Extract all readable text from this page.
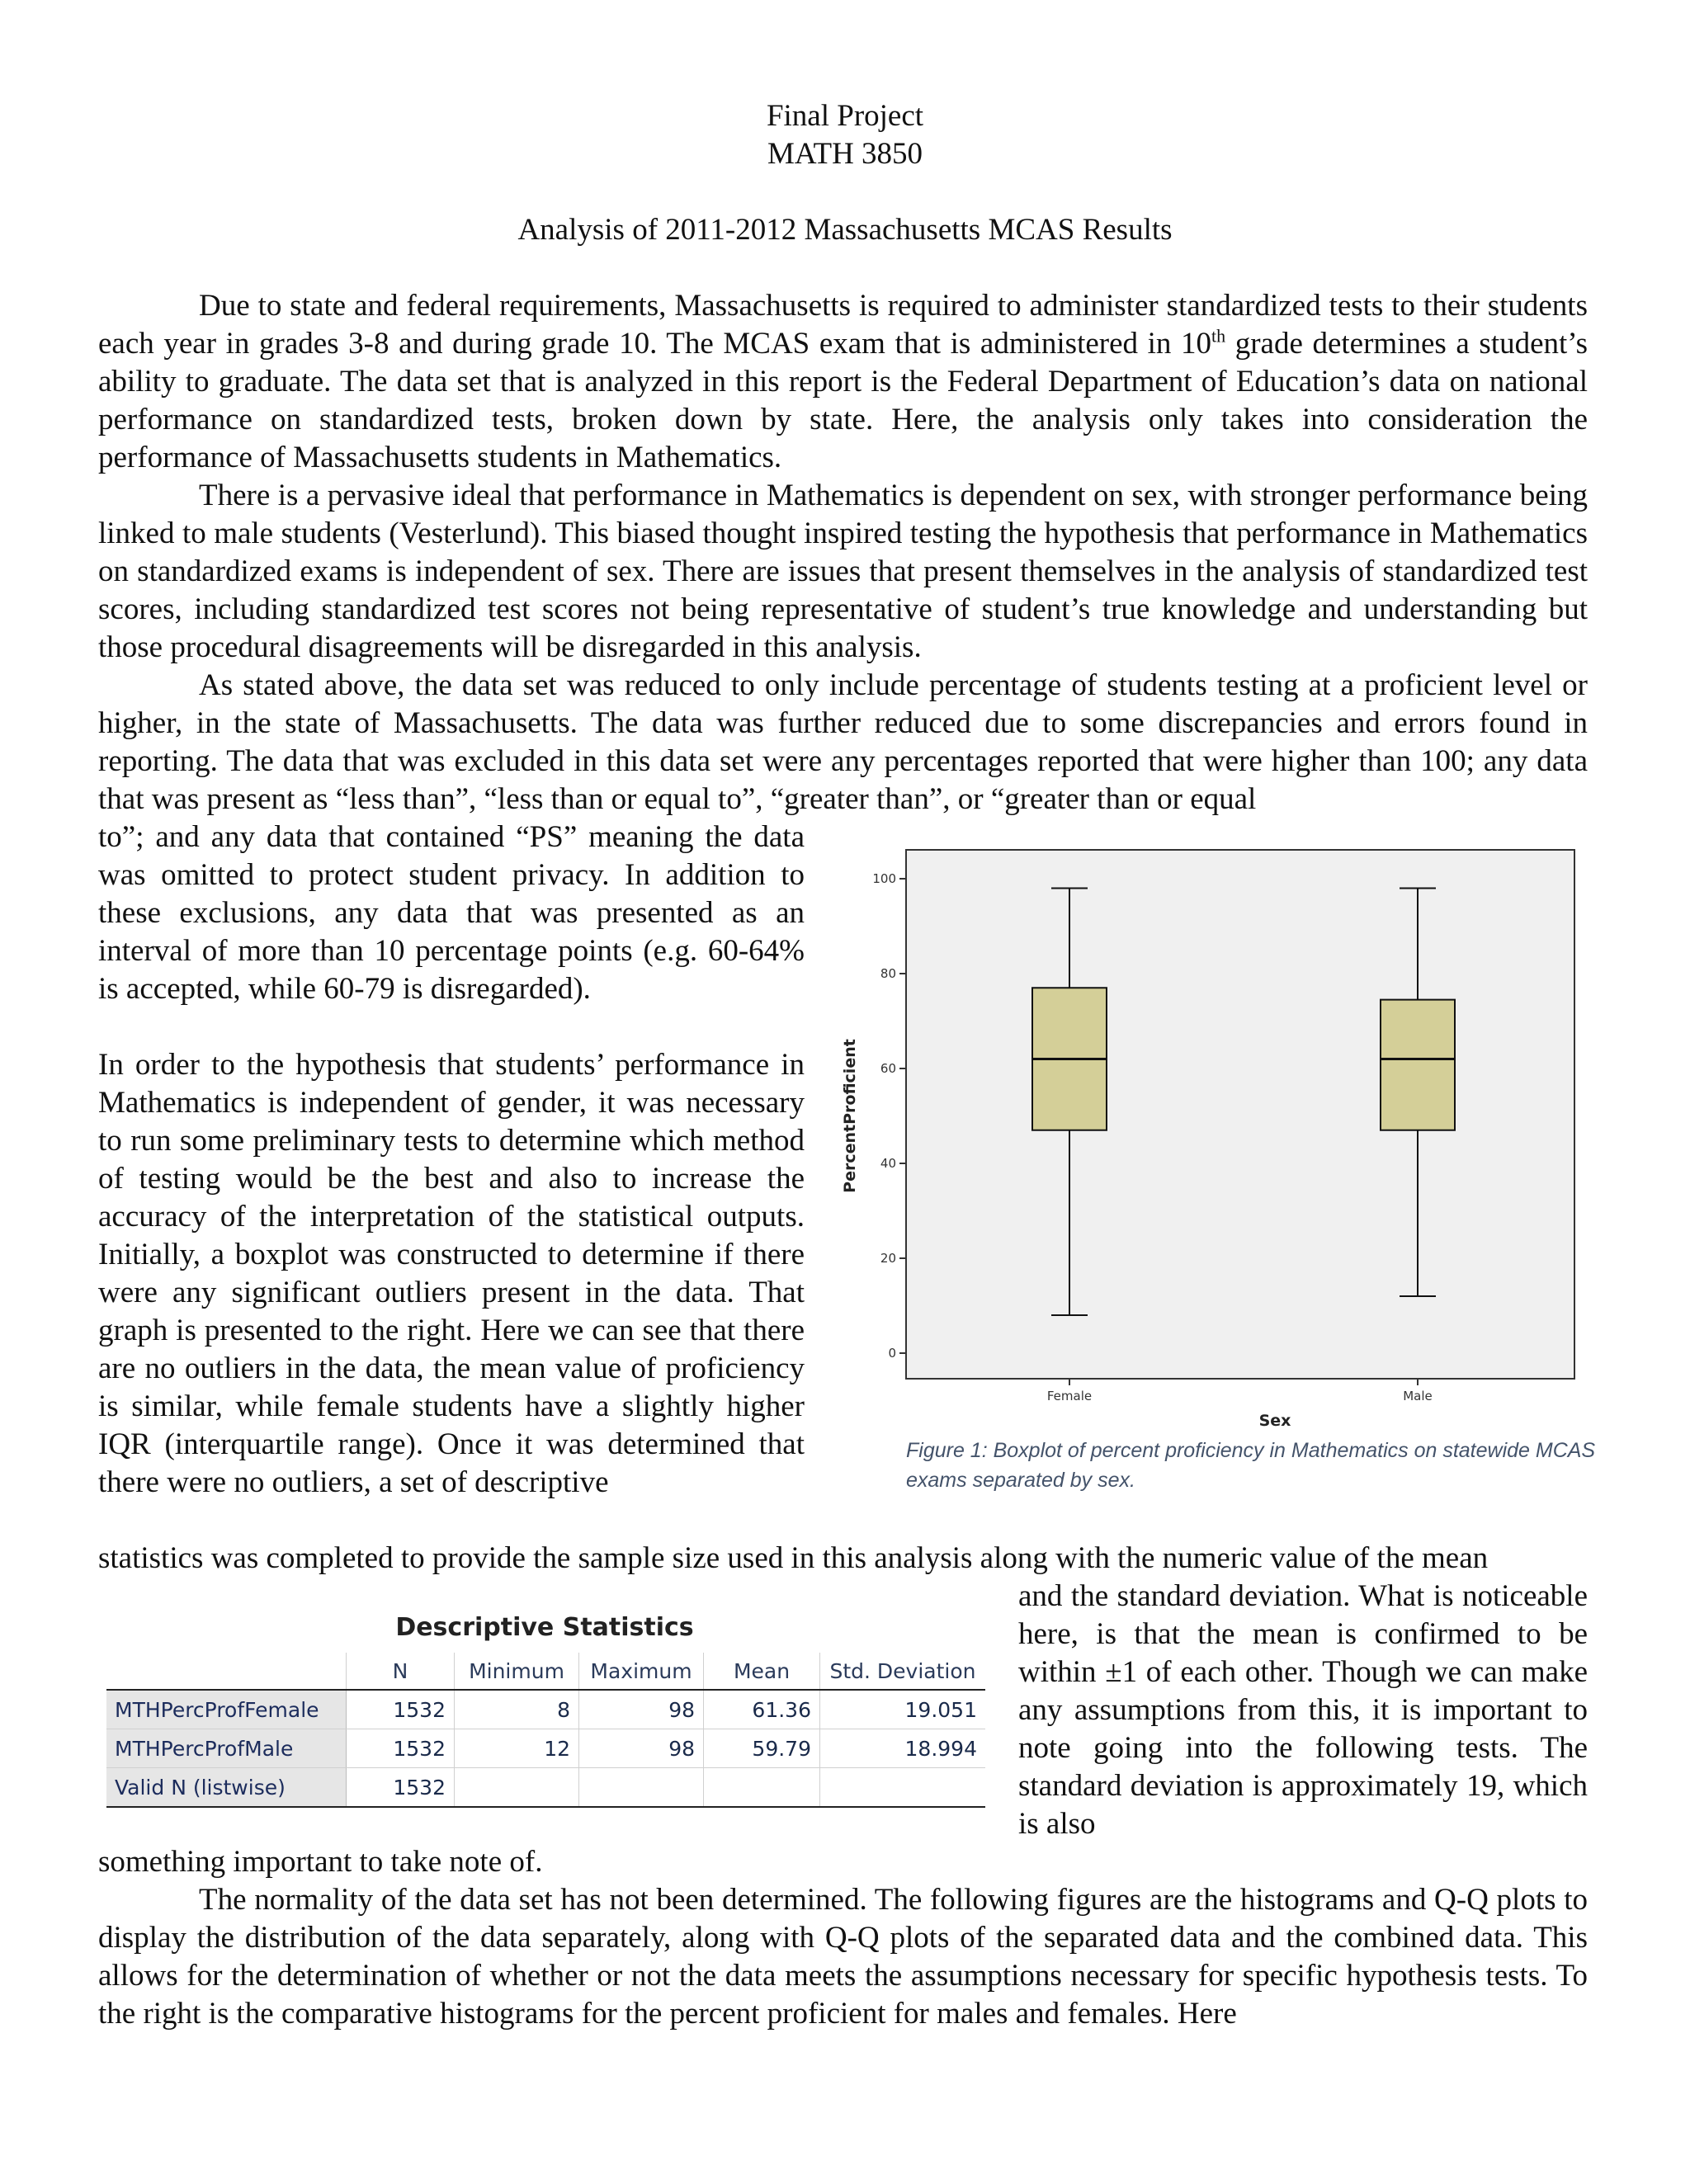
Final Project
MATH 3850
Analysis of 2011-2012 Massachusetts MCAS Results
Due to state and federal requirements, Massachusetts is required to administer standardized tests to their students each year in grades 3-8 and during grade 10. The MCAS exam that is administered in 10th grade determines a student’s ability to graduate. The data set that is analyzed in this report is the Federal Department of Education’s data on national performance on standardized tests, broken down by state. Here, the analysis only takes into consideration the performance of Massachusetts students in Mathematics.
There is a pervasive ideal that performance in Mathematics is dependent on sex, with stronger performance being linked to male students (Vesterlund). This biased thought inspired testing the hypothesis that performance in Mathematics on standardized exams is independent of sex. There are issues that present themselves in the analysis of standardized test scores, including standardized test scores not being representative of student’s true knowledge and understanding but those procedural disagreements will be disregarded in this analysis.
As stated above, the data set was reduced to only include percentage of students testing at a proficient level or higher, in the state of Massachusetts. The data was further reduced due to some discrepancies and errors found in reporting. The data that was excluded in this data set were any percentages reported that were higher than 100; any data that was present as “less than”, “less than or equal to”, “greater than”, or “greater than or equal
to”; and any data that contained “PS” meaning the data was omitted to protect student privacy. In addition to these exclusions, any data that was presented as an interval of more than 10 percentage points (e.g. 60-64% is accepted, while 60-79 is disregarded).
In order to the hypothesis that students’ performance in Mathematics is independent of gender, it was necessary to run some preliminary tests to determine which method of testing would be the best and also to increase the accuracy of the interpretation of the statistical outputs. Initially, a boxplot was constructed to determine if there were any significant outliers present in the data. That graph is presented to the right. Here we can see that there are no outliers in the data, the mean value of proficiency is similar, while female students have a slightly higher IQR (interquartile range). Once it was determined that there were no outliers, a set of descriptive
statistics was completed to provide the sample size used in this analysis along with the numeric value of the mean
and the standard deviation. What is noticeable here, is that the mean is confirmed to be within ±1 of each other. Though we can make any assumptions from this, it is important to note going into the following tests. The standard deviation is approximately 19, which is also
something important to take note of.
The normality of the data set has not been determined. The following figures are the histograms and Q-Q plots to display the distribution of the data separately, along with Q-Q plots of the separated data and the combined data. This allows for the determination of whether or not the data meets the assumptions necessary for specific hypothesis tests. To the right is the comparative histograms for the percent proficient for males and females. Here
0
20
40
60
80
100
PercentProficient
Sex
Female	Male
Figure 1: Boxplot of percent proficiency in Mathematics on statewide MCAS exams separated by sex.
Descriptive Statistics
	N	Minimum	Maximum	Mean	Std. Deviation
MTHPercProfFemale	1532	8	98	61.36	19.051
MTHPercProfMale	1532	12	98	59.79	18.994
Valid N (listwise)	1532				
